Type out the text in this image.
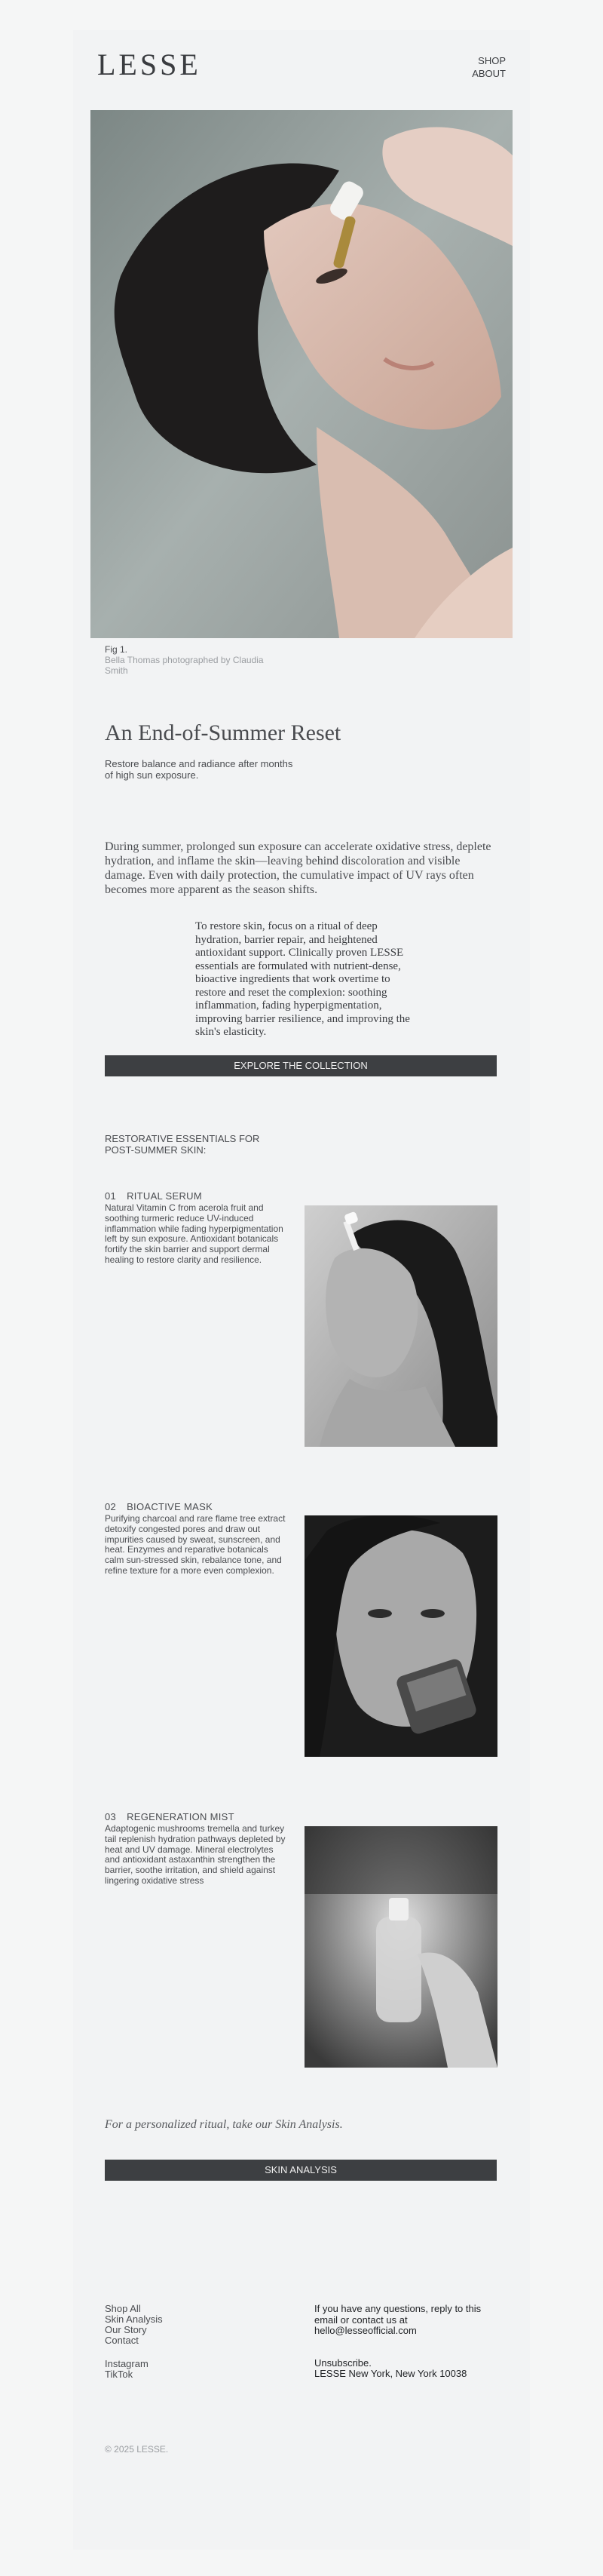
LESSE	SHOP
ABOUT
Fig 1.
Bella Thomas photographed by Claudia Smith
An End-of-Summer Reset
Restore balance and radiance after months of high sun exposure.
During summer, prolonged sun exposure can accelerate oxidative stress, deplete hydration, and inflame the skin—leaving behind discoloration and visible damage. Even with daily protection, the cumulative impact of UV rays often becomes more apparent as the season shifts.
To restore skin, focus on a ritual of deep hydration, barrier repair, and heightened antioxidant support. Clinically proven LESSE essentials are formulated with nutrient-dense, bioactive ingredients that work overtime to restore and reset the complexion: soothing inflammation, fading hyperpigmentation, improving barrier resilience, and improving the skin's elasticity.
EXPLORE THE COLLECTION
RESTORATIVE ESSENTIALS FOR POST-SUMMER SKIN:
01 RITUAL SERUM
Natural Vitamin C from acerola fruit and soothing turmeric reduce UV-induced inflammation while fading hyperpigmentation left by sun exposure. Antioxidant botanicals fortify the skin barrier and support dermal healing to restore clarity and resilience.
02 BIOACTIVE MASK
Purifying charcoal and rare flame tree extract detoxify congested pores and draw out impurities caused by sweat, sunscreen, and heat. Enzymes and reparative botanicals calm sun-stressed skin, rebalance tone, and refine texture for a more even complexion.
03 REGENERATION MIST
Adaptogenic mushrooms tremella and turkey tail replenish hydration pathways depleted by heat and UV damage. Mineral electrolytes and antioxidant astaxanthin strengthen the barrier, soothe irritation, and shield against lingering oxidative stress
For a personalized ritual, take our Skin Analysis.
SKIN ANALYSIS
Shop All
Skin Analysis
Our Story
Contact
Instagram
TikTok
If you have any questions, reply to this email or contact us at hello@lesseofficial.com
Unsubscribe.
LESSE New York, New York 10038
© 2025 LESSE.
